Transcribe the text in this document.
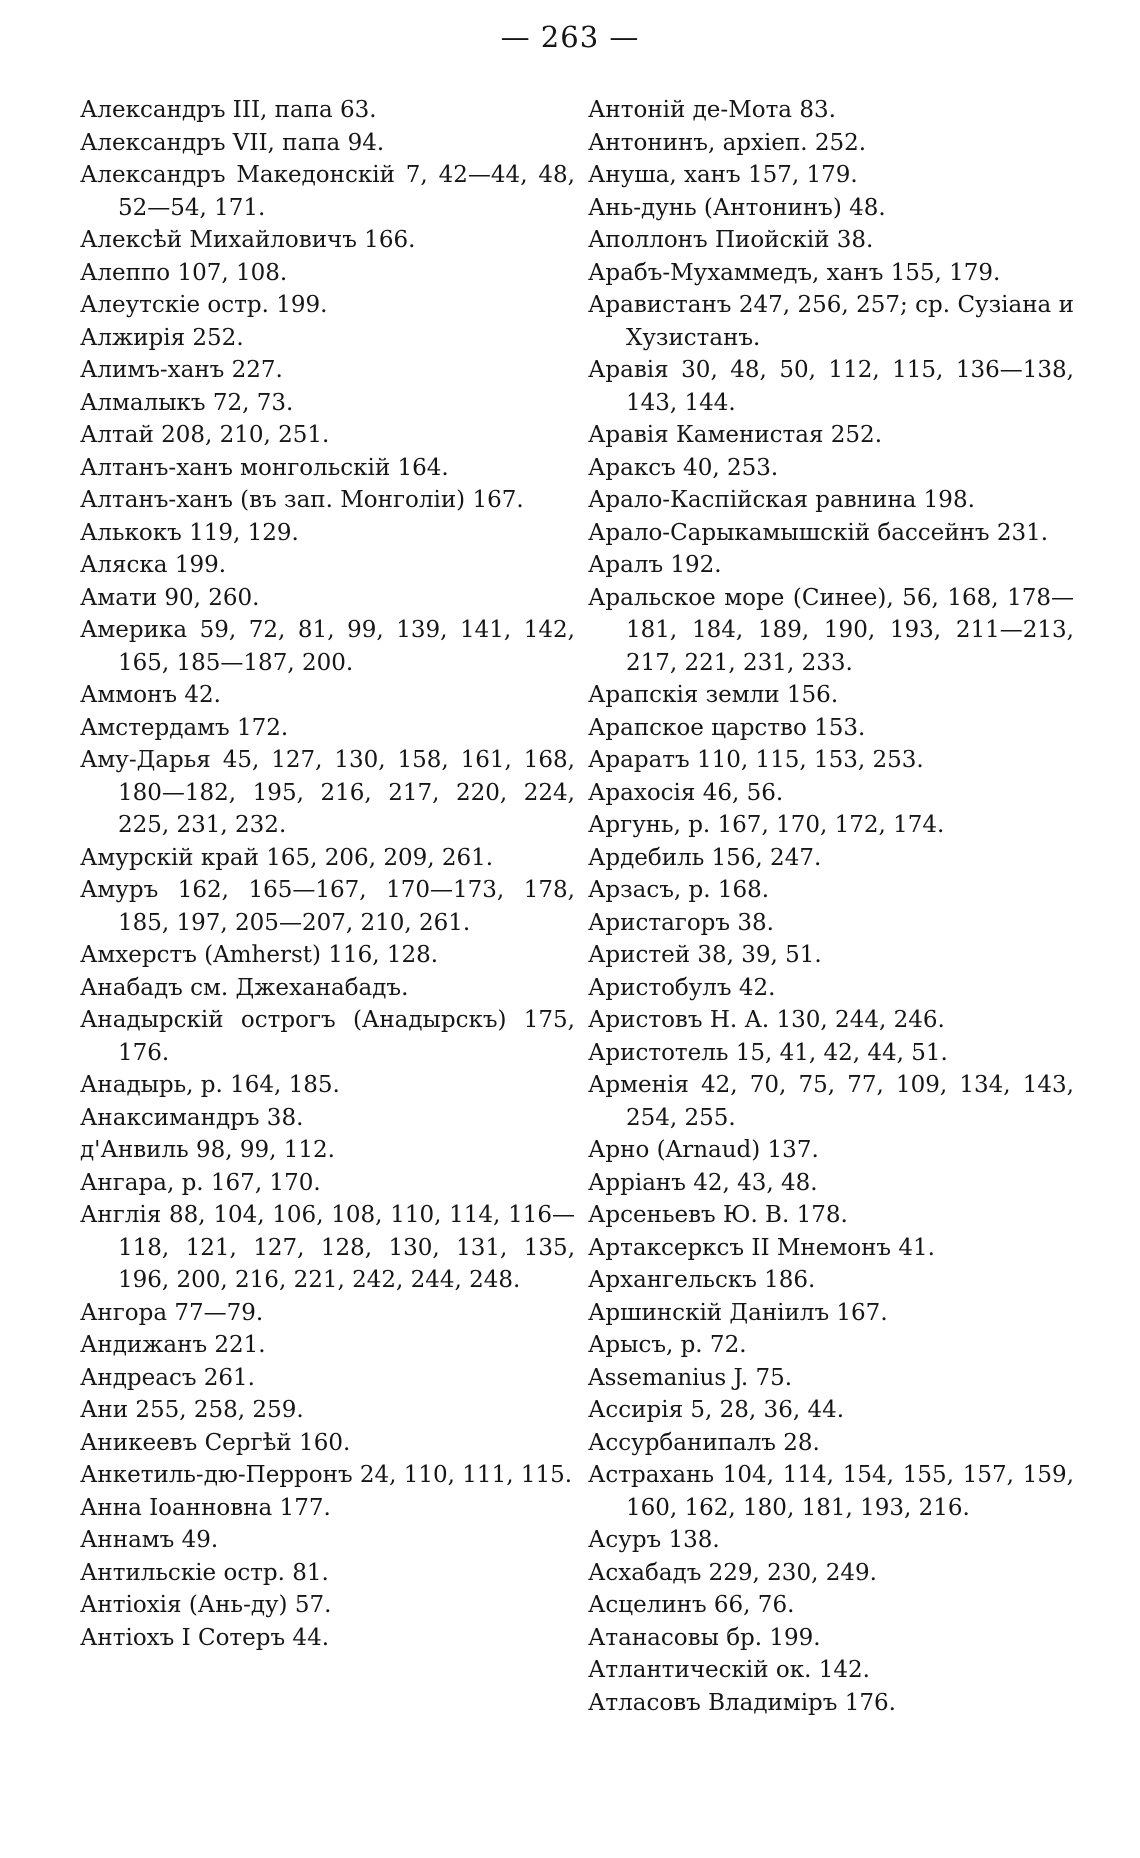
— 263 —

Александръ III, папа 63.

Александръ VII, папа 94.

Александръ Македонскій 7, 42—44, 48, 52—54, 171.

Алексѣй Михайловичъ 166.

Алеппо 107, 108.

Алеутскіе остр. 199.

Алжирія 252.

Алимъ-ханъ 227.

Алмалыкъ 72, 73.

Алтай 208, 210, 251.

Алтанъ-ханъ монгольскій 164.

Алтанъ-ханъ (въ зап. Монголіи) 167.

Алькокъ 119, 129.

Аляска 199.

Амати 90, 260.

Америка 59, 72, 81, 99, 139, 141, 142, 165, 185—187, 200.

Аммонъ 42.

Амстердамъ 172.

Аму-Дарья 45, 127, 130, 158, 161, 168, 180—182, 195, 216, 217, 220, 224, 225, 231, 232.

Амурскій край 165, 206, 209, 261.

Амуръ 162, 165—167, 170—173, 178, 185, 197, 205—207, 210, 261.

Амхерстъ (Amherst) 116, 128.

Анабадъ см. Джеханабадъ.

Анадырскій острогъ (Анадырскъ) 175, 176.

Анадырь, р. 164, 185.

Анаксимандръ 38.

д'Анвиль 98, 99, 112.

Ангара, р. 167, 170.

Англія 88, 104, 106, 108, 110, 114, 116—118, 121, 127, 128, 130, 131, 135, 196, 200, 216, 221, 242, 244, 248.

Ангора 77—79.

Андижанъ 221.

Андреасъ 261.

Ани 255, 258, 259.

Аникеевъ Сергѣй 160.

Анкетиль-дю-Перронъ 24, 110, 111, 115.

Анна Іоанновна 177.

Аннамъ 49.

Антильскіе остр. 81.

Антіохія (Ань-ду) 57.

Антіохъ I Сотеръ 44.

Антоній де-Мота 83.

Антонинъ, архіеп. 252.

Ануша, ханъ 157, 179.

Ань-дунь (Антонинъ) 48.

Аполлонъ Пиойскій 38.

Арабъ-Мухаммедъ, ханъ 155, 179.

Аравистанъ 247, 256, 257; ср. Сузіана и Хузистанъ.

Аравія 30, 48, 50, 112, 115, 136—138, 143, 144.

Аравія Каменистая 252.

Араксъ 40, 253.

Арало-Каспійская равнина 198.

Арало-Сарыкамышскій бассейнъ 231.

Аралъ 192.

Аральское море (Синее), 56, 168, 178—181, 184, 189, 190, 193, 211—213, 217, 221, 231, 233.

Арапскія земли 156.

Арапское царство 153.

Араратъ 110, 115, 153, 253.

Арахосія 46, 56.

Аргунь, р. 167, 170, 172, 174.

Ардебиль 156, 247.

Арзасъ, р. 168.

Аристагоръ 38.

Аристей 38, 39, 51.

Аристобулъ 42.

Аристовъ Н. А. 130, 244, 246.

Аристотель 15, 41, 42, 44, 51.

Арменія 42, 70, 75, 77, 109, 134, 143, 254, 255.

Арно (Arnaud) 137.

Арріанъ 42, 43, 48.

Арсеньевъ Ю. В. 178.

Артаксерксъ II Мнемонъ 41.

Архангельскъ 186.

Аршинскій Даніилъ 167.

Арысъ, р. 72.

Assemanius J. 75.

Ассирія 5, 28, 36, 44.

Ассурбанипалъ 28.

Астрахань 104, 114, 154, 155, 157, 159, 160, 162, 180, 181, 193, 216.

Асуръ 138.

Асхабадъ 229, 230, 249.

Асцелинъ 66, 76.

Атанасовы бр. 199.

Атлантическій ок. 142.

Атласовъ Владиміръ 176.
